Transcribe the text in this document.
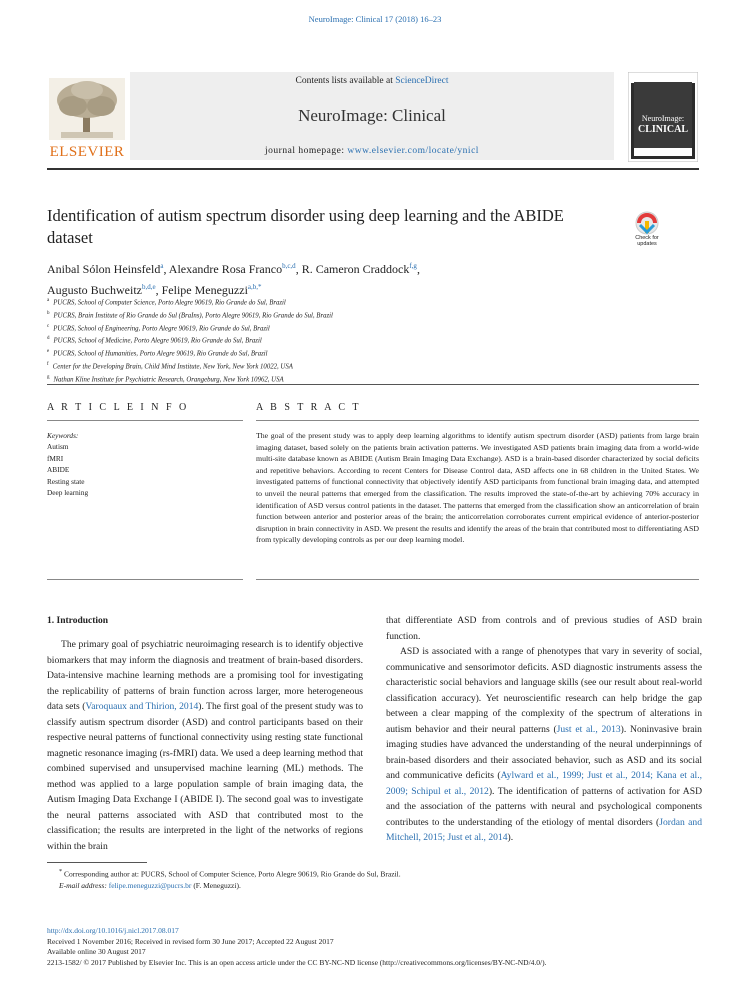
NeuroImage: Clinical 17 (2018) 16–23
ELSEVIER
Contents lists available at ScienceDirect
NeuroImage: Clinical
journal homepage: www.elsevier.com/locate/ynicl
NeuroImage:
CLINICAL
Identification of autism spectrum disorder using deep learning and the ABIDE dataset	Check for
updates
Anibal Sólon Heinsfeld$^a$, Alexandre Rosa Franco$^{b,c,d}$, R. Cameron Craddock$^{f,g}$,
Augusto Buchweitz$^{b,d,e}$, Felipe Meneguzzi$^{a,b,*}$
$^a$ PUCRS, School of Computer Science, Porto Alegre 90619, Rio Grande do Sul, Brazil
$^b$ PUCRS, Brain Institute of Rio Grande do Sul (BraIns), Porto Alegre 90619, Rio Grande do Sul, Brazil
$^c$ PUCRS, School of Engineering, Porto Alegre 90619, Rio Grande do Sul, Brazil
$^d$ PUCRS, School of Medicine, Porto Alegre 90619, Rio Grande do Sul, Brazil
$^e$ PUCRS, School of Humanities, Porto Alegre 90619, Rio Grande do Sul, Brazil
$^f$ Center for the Developing Brain, Child Mind Institute, New York, New York 10022, USA
$^g$ Nathan Kline Institute for Psychiatric Research, Orangeburg, New York 10962, USA
A R T I C L E I N F O	A B S T R A C T
Keywords:
Autism
fMRI
ABIDE
Resting state
Deep learning
The goal of the present study was to apply deep learning algorithms to identify autism spectrum disorder (ASD) patients from large brain imaging dataset, based solely on the patients brain activation patterns. We investigated ASD patients brain imaging data from a world-wide multi-site database known as ABIDE (Autism Brain Imaging Data Exchange). ASD is a brain-based disorder characterized by social deficits and repetitive behaviors. According to recent Centers for Disease Control data, ASD affects one in 68 children in the United States. We investigated patterns of functional connectivity that objectively identify ASD participants from functional brain imaging data, and attempted to unveil the neural patterns that emerged from the classification. The results improved the state-of-the-art by achieving 70% accuracy in identification of ASD versus control patients in the dataset. The patterns that emerged from the classification show an anticorrelation of brain function between anterior and posterior areas of the brain; the anticorrelation corroborates current empirical evidence of anterior-posterior disruption in brain connectivity in ASD. We present the results and identify the areas of the brain that contributed most to differentiating ASD from typically developing controls as per our deep learning model.
1. Introduction

The primary goal of psychiatric neuroimaging research is to identify objective biomarkers that may inform the diagnosis and treatment of brain-based disorders. Data-intensive machine learning methods are a promising tool for investigating the replicability of patterns of brain function across larger, more heterogeneous data sets (Varoquaux and Thirion, 2014). The first goal of the present study was to classify autism spectrum disorder (ASD) and control participants based on their respective neural patterns of functional connectivity using resting state functional magnetic resonance imaging (rs-fMRI) data. We used a deep learning method that combined supervised and unsupervised machine learning (ML) methods. The method was applied to a large population sample of brain imaging data, the Autism Imaging Data Exchange I (ABIDE I). The second goal was to investigate the neural patterns associated with ASD that contributed most to the classification; the results are interpreted in the light of the networks of regions within the brain

that differentiate ASD from controls and of previous studies of ASD brain function.

ASD is associated with a range of phenotypes that vary in severity of social, communicative and sensorimotor deficits. ASD diagnostic instruments assess the characteristic social behaviors and language skills (see our result about real-world classification accuracy). Yet neuroscientific research can help bridge the gap between a clear mapping of the complexity of the spectrum of alterations in autism behavior and their neural patterns (Just et al., 2013). Noninvasive brain imaging studies have advanced the understanding of the neural underpinnings of brain-based disorders and their associated behavior, such as ASD and its social and communicative deficits (Aylward et al., 1999; Just et al., 2014; Kana et al., 2009; Schipul et al., 2012). The identification of patterns of activation for ASD and the association of the patterns with neural and psychological components contributes to the understanding of the etiology of mental disorders (Jordan and Mitchell, 2015; Just et al., 2014).

* Corresponding author at: PUCRS, School of Computer Science, Porto Alegre 90619, Rio Grande do Sul, Brazil.
E-mail address: felipe.meneguzzi@pucrs.br (F. Meneguzzi).
http://dx.doi.org/10.1016/j.nicl.2017.08.017
Received 1 November 2016; Received in revised form 30 June 2017; Accepted 22 August 2017
Available online 30 August 2017
2213-1582/ © 2017 Published by Elsevier Inc. This is an open access article under the CC BY-NC-ND license (http://creativecommons.org/licenses/BY-NC-ND/4.0/).
